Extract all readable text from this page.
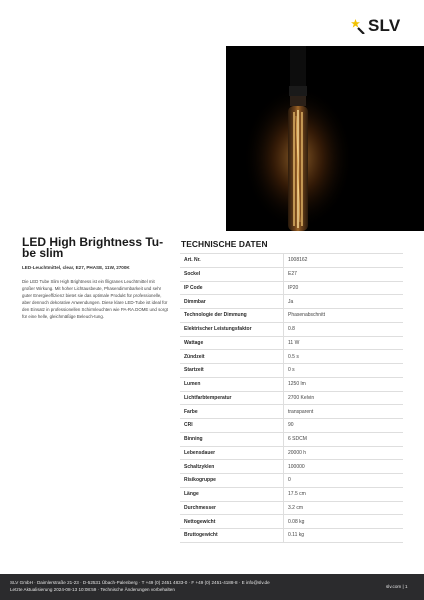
SLV
LED High Brightness Tu-be slim
LED-Leuchtmittel, clear, E27, PHASE, 11W, 2700K

Die LED Tube Slim High Brightness ist ein filigranes Leuchtmittel mit großer Wirkung. Mit hoher Lichtausbeute, Phasendimmbarkeit und sehr guter Energieeffizienz bietet sie das optimale Produkt für professionelle, aber dennoch dekorative Anwendungen. Diese klare LED-Tube ist ideal für den Einsatz in professionellen Schirmleuchten wie PA-RA.DOME und sorgt für eine helle, gleichmäßige Beleuch-tung.

TECHNISCHE DATEN
Art. Nr.	1008162
Sockel	E27
IP Code	IP20
Dimmbar	Ja
Technologie der Dimmung	Phasenabschnitt
Elektrischer Leistungsfaktor	0.8
Wattage	11 W
Zündzeit	0.5 s
Startzeit	0 s
Lumen	1250 lm
Lichtfarbtemperatur	2700 Kelvin
Farbe	transparent
CRI	90
Binning	6 SDCM
Lebensdauer	20000 h
Schaltzyklen	100000
Risikogruppe	0
Länge	17.5 cm
Durchmesser	3.2 cm
Nettogewicht	0.08 kg
Bruttogewicht	0.11 kg
SLV GmbH · Daimlerstraße 21-23 · D-52531 Übach-Palenberg · T +49 (0) 2451 4833-0 · F +49 (0) 2451-4188-8 · E info@slv.de
Letzte Aktualisierung 2024-08-13 10:08:59 · Technische Änderungen vorbehalten
slv.com | 1
